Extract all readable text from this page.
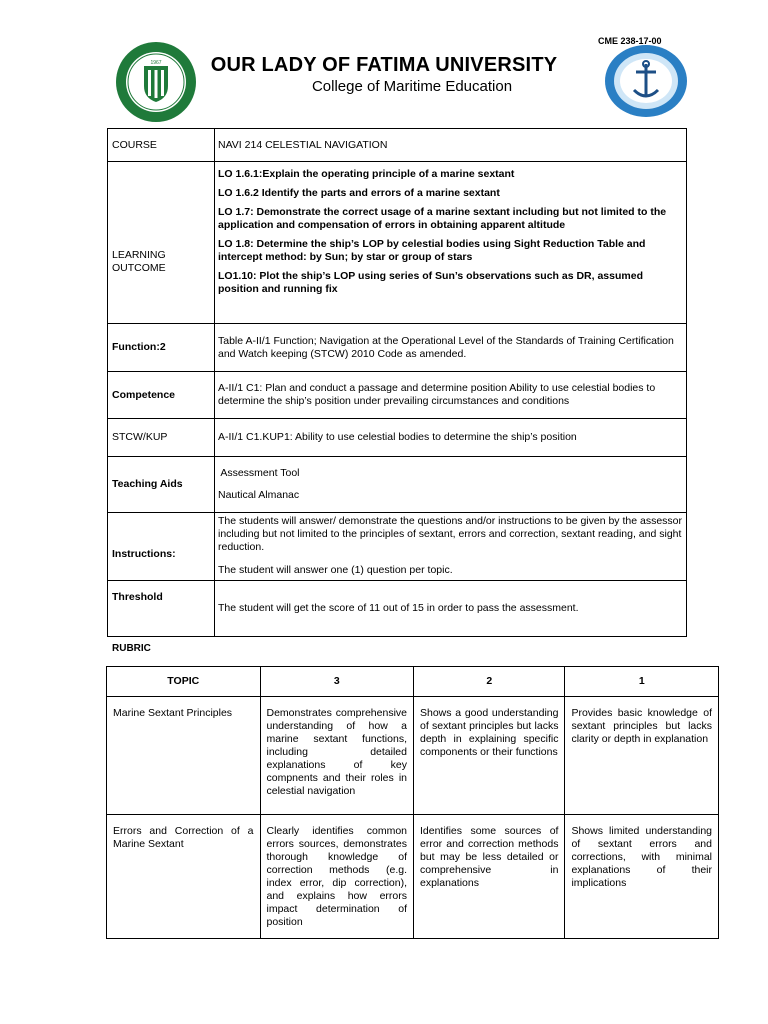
CME 238-17-00
1967	OUR LADY OF FATIMA UNIVERSITY
College of Maritime Education
COURSE	NAVI 214 CELESTIAL NAVIGATION
LEARNING OUTCOME	LO 1.6.1:Explain the operating principle of a marine sextant

LO 1.6.2 Identify the parts and errors of a marine sextant

LO 1.7: Demonstrate the correct usage of a marine sextant including but not limited to the application and compensation of errors in obtaining apparent altitude

LO 1.8: Determine the ship’s LOP by celestial bodies using Sight Reduction Table and intercept method: by Sun; by star or group of stars

LO1.10: Plot the ship’s LOP using series of Sun’s observations such as DR, assumed position and running fix

Function:2	Table A-II/1 Function; Navigation at the Operational Level of the Standards of Training Certification and Watch keeping (STCW) 2010 Code as amended.
Competence	A-II/1 C1: Plan and conduct a passage and determine position Ability to use celestial bodies to determine the ship’s position under prevailing circumstances and conditions
STCW/KUP	A-II/1 C1.KUP1: Ability to use celestial bodies to determine the ship’s position
Teaching Aids	Assessment Tool
Nautical Almanac

Instructions:	The students will answer/ demonstrate the questions and/or instructions to be given by the assessor including but not limited to the principles of sextant, errors and correction, sextant reading, and sight reduction.
The student will answer one (1) question per topic.

Threshold	The student will get the score of 11 out of 15 in order to pass the assessment.
RUBRIC
TOPIC	3	2	1
Marine Sextant Principles	Demonstrates comprehensive understanding of how a marine sextant functions, including detailed explanations of key compnents and their roles in celestial navigation	Shows a good understanding of sextant principles but lacks depth in explaining specific components or their functions	Provides basic knowledge of sextant principles but lacks clarity or depth in explanation
Errors and Correction of a Marine Sextant	Clearly identifies common errors sources, demonstrates thorough knowledge of correction methods (e.g. index error, dip correction), and explains how errors impact determination of position	Identifies some sources of error and correction methods but may be less detailed or comprehensive in explanations	Shows limited understanding of sextant errors and corrections, with minimal explanations of their implications
